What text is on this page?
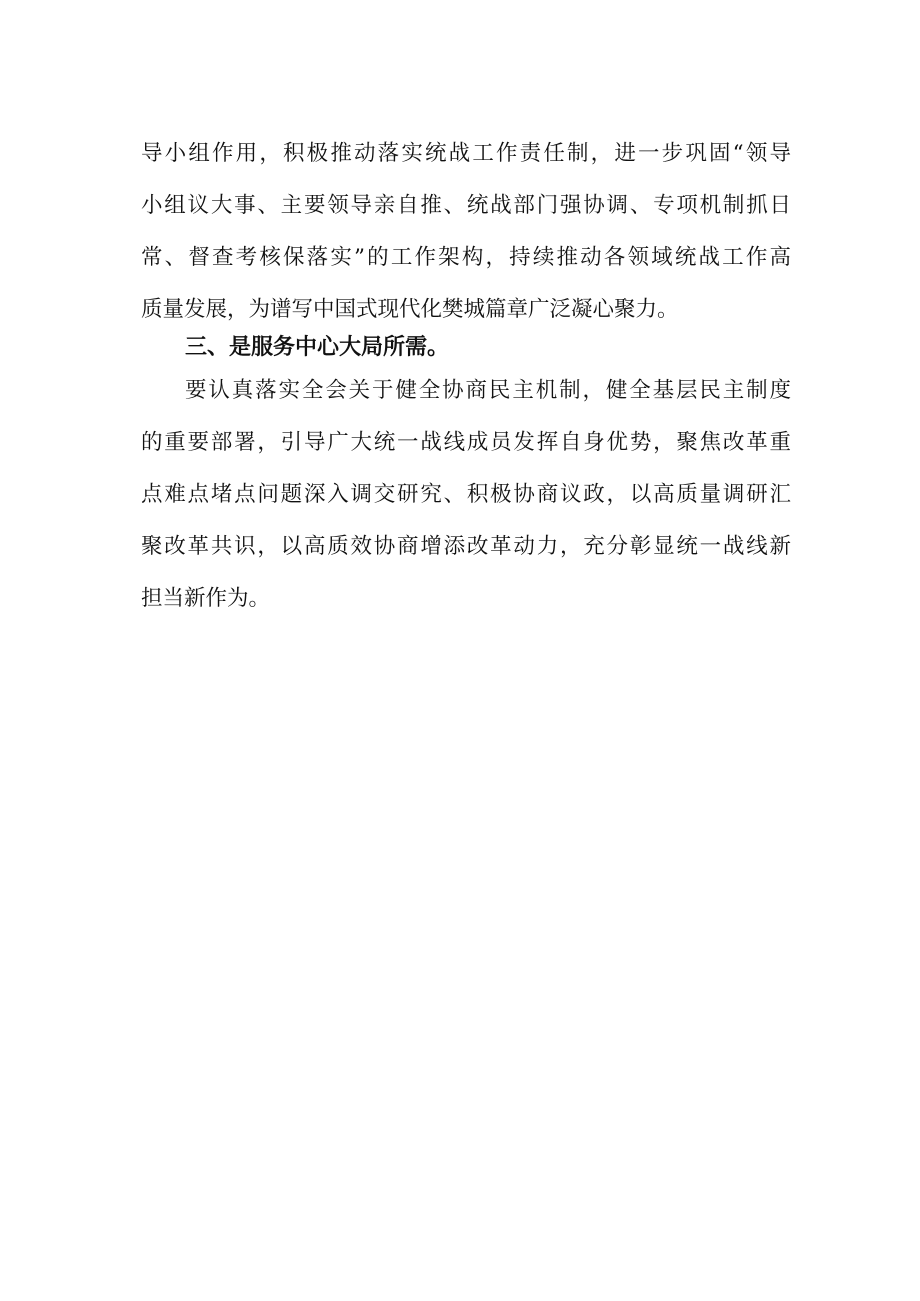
导小组作用，积极推动落实统战工作责任制，进一步巩固“领导
小组议大事、主要领导亲自推、统战部门强协调、专项机制抓日
常、督查考核保落实”的工作架构，持续推动各领域统战工作高
质量发展，为谱写中国式现代化樊城篇章广泛凝心聚力。
三、是服务中心大局所需。
要认真落实全会关于健全协商民主机制，健全基层民主制度
的重要部署，引导广大统一战线成员发挥自身优势，聚焦改革重
点难点堵点问题深入调交研究、积极协商议政，以高质量调研汇
聚改革共识，以高质效协商增添改革动力，充分彰显统一战线新
担当新作为。
